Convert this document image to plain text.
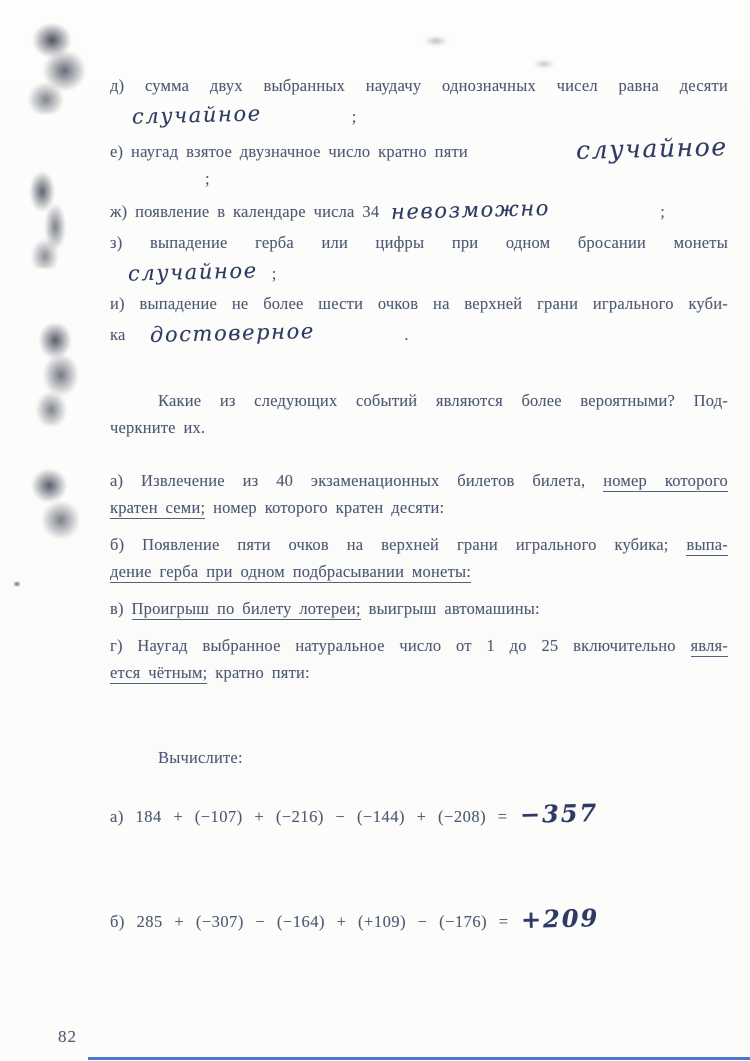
д) сумма двух выбранных наудачу однозначных чисел равна десяти
случайное	;
е) наугад взятое двузначное число кратно пяти	случайное
;
ж) появление в календаре числа 34 невозможно	;
з) выпадение герба или цифры при одном бросании монеты
случайное ;
и) выпадение не более шести очков на верхней грани игрального куби-
ка достоверное	.
Какие из следующих событий являются более вероятными? Под-
черкните их.
а) Извлечение из 40 экзаменационных билетов билета, номер которого
кратен семи; номер которого кратен десяти:
б) Появление пяти очков на верхней грани игрального кубика; выпа-
дение герба при одном подбрасывании монеты:
в) Проигрыш по билету лотереи; выигрыш автомашины:
г) Наугад выбранное натуральное число от 1 до 25 включительно явля-
ется чётным; кратно пяти:
Вычислите:
а) 184 + (−107) + (−216) − (−144) + (−208) = −357
б) 285 + (−307) − (−164) + (+109) − (−176) = +209
82
